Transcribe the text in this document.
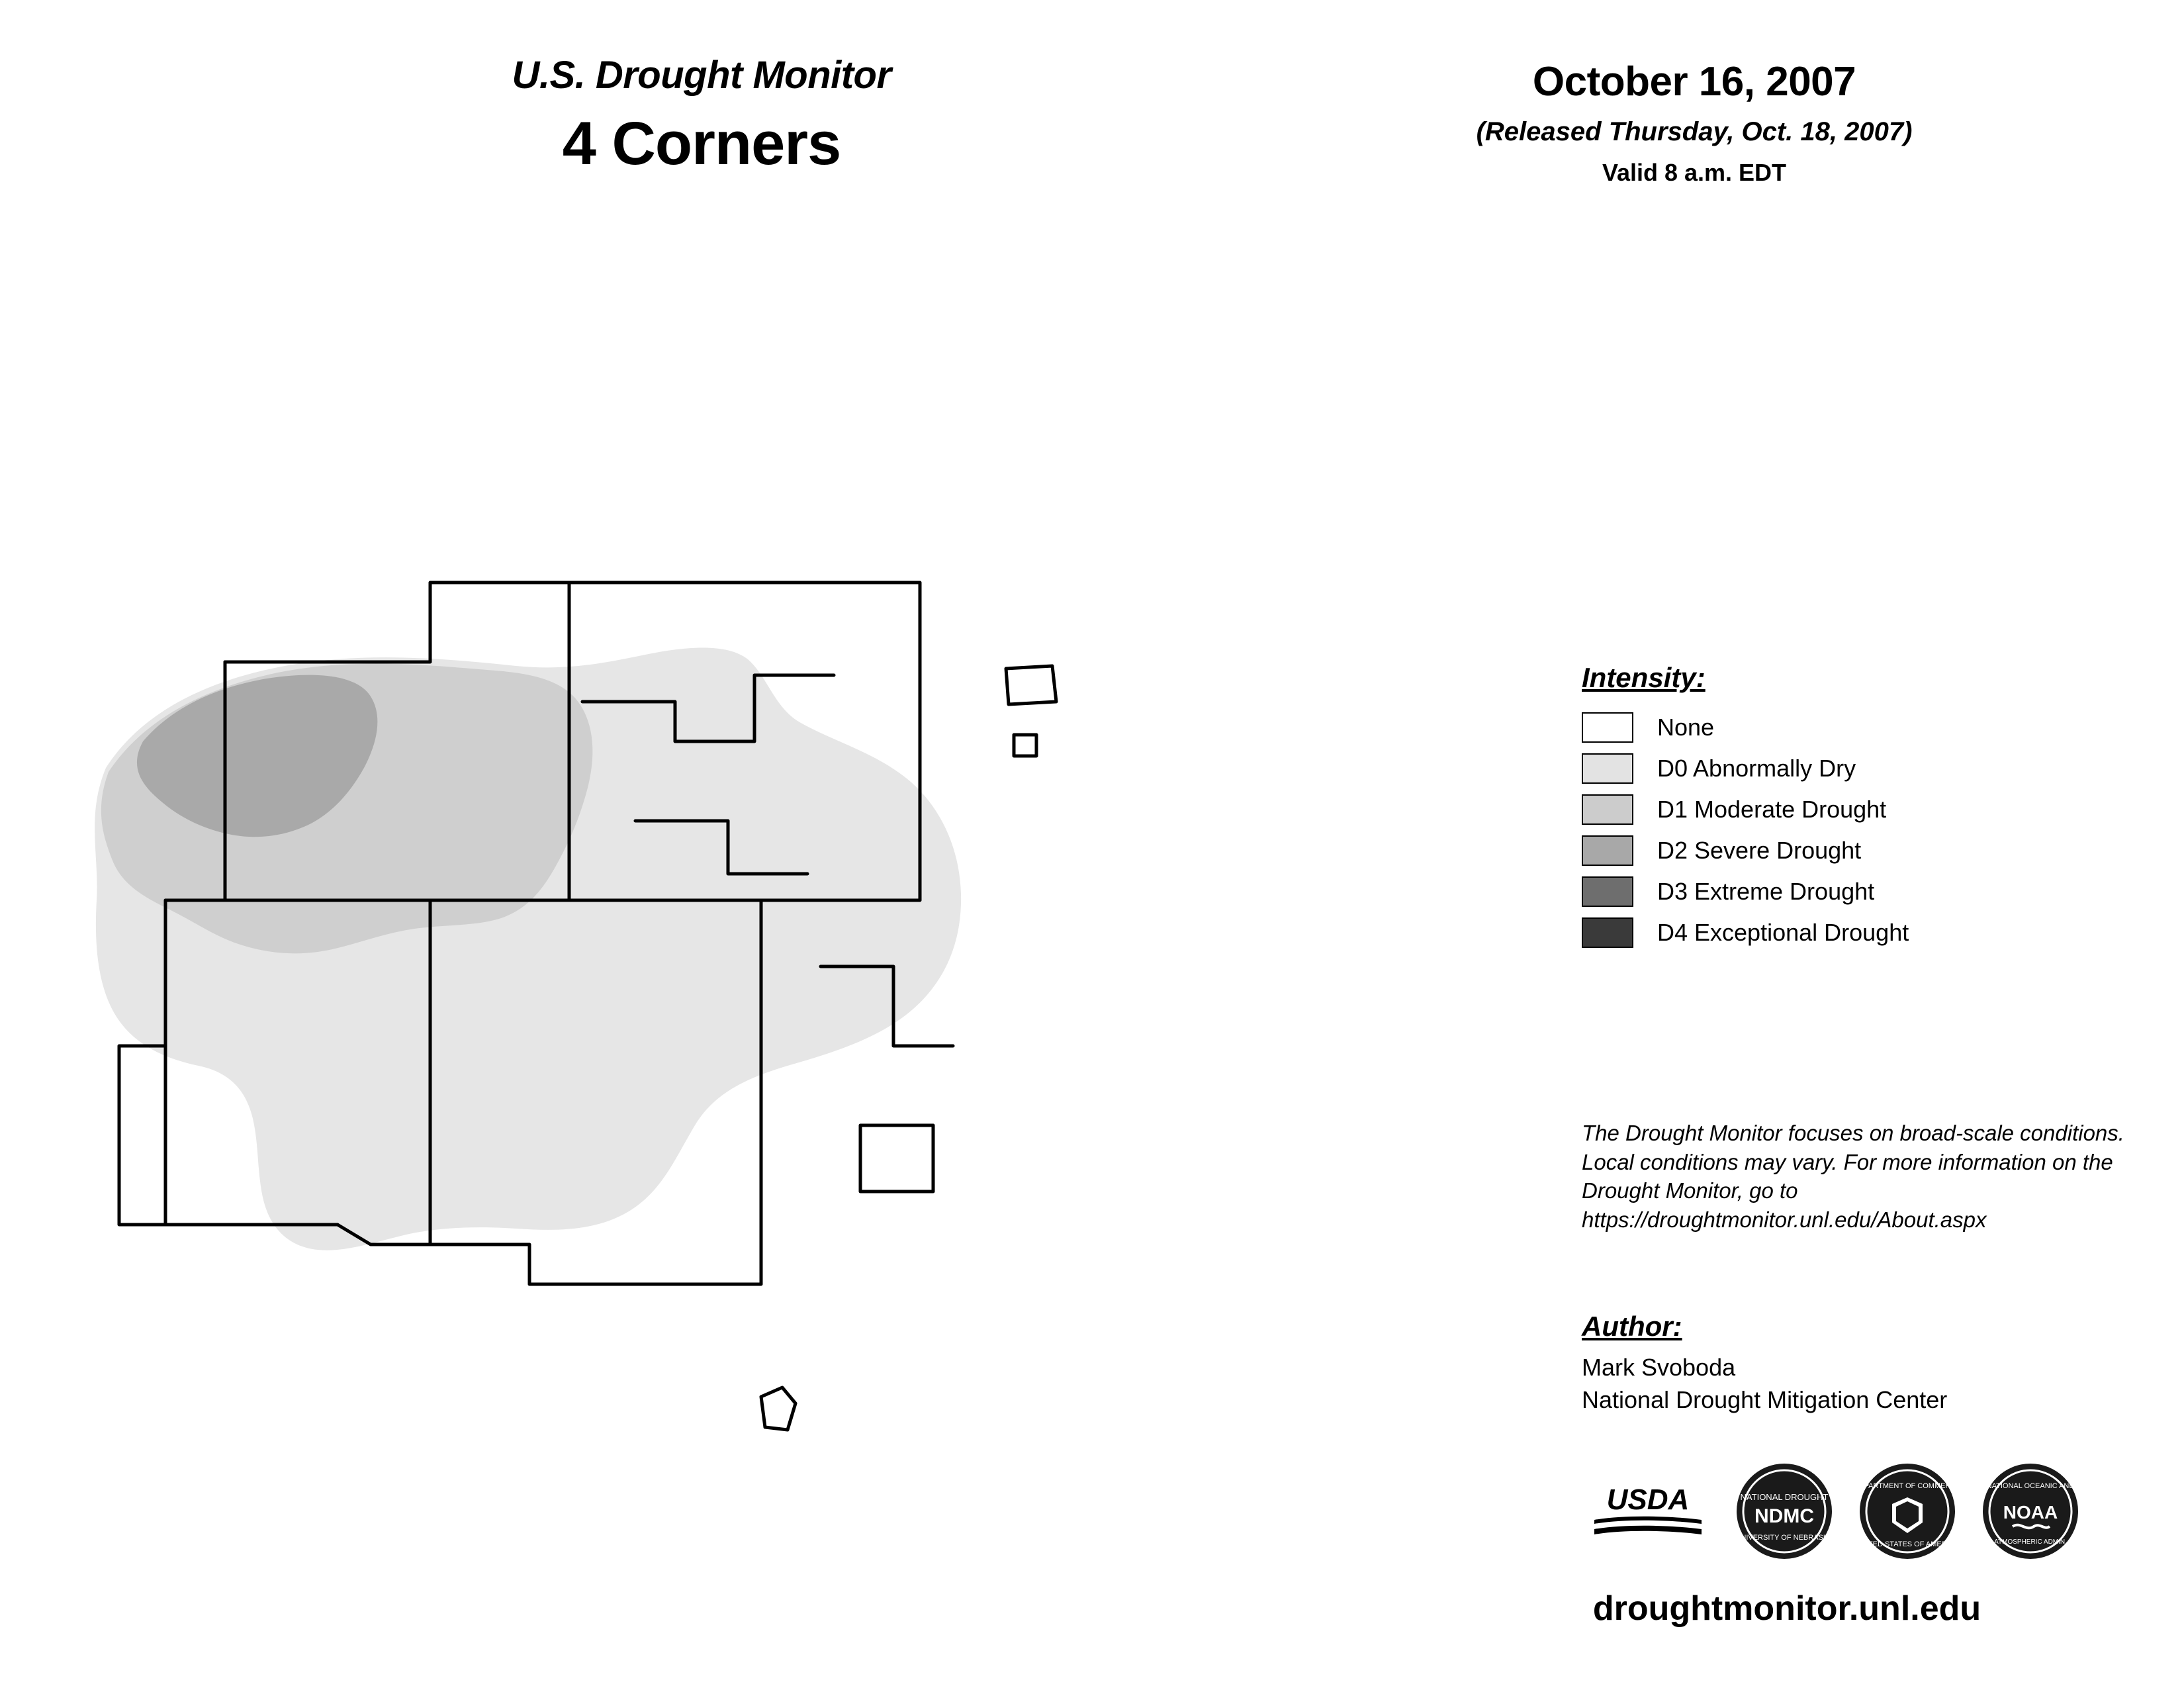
U.S. Drought Monitor
4 Corners
October 16, 2007
(Released Thursday, Oct. 18, 2007)
Valid 8 a.m. EDT
Intensity:
None
D0 Abnormally Dry
D1 Moderate Drought
D2 Severe Drought
D3 Extreme Drought
D4 Exceptional Drought
The Drought Monitor focuses on broad-scale conditions. Local conditions may vary. For more information on the Drought Monitor, go to https://droughtmonitor.unl.edu/About.aspx
Author:
Mark Svoboda
National Drought Mitigation Center
USDA	NATIONAL DROUGHT
NDMC
UNIVERSITY OF NEBRASKA
DEPARTMENT OF COMMERCE
UNITED STATES OF AMERICA
NATIONAL OCEANIC AND
NOAA
ATMOSPHERIC ADMIN.
droughtmonitor.unl.edu
